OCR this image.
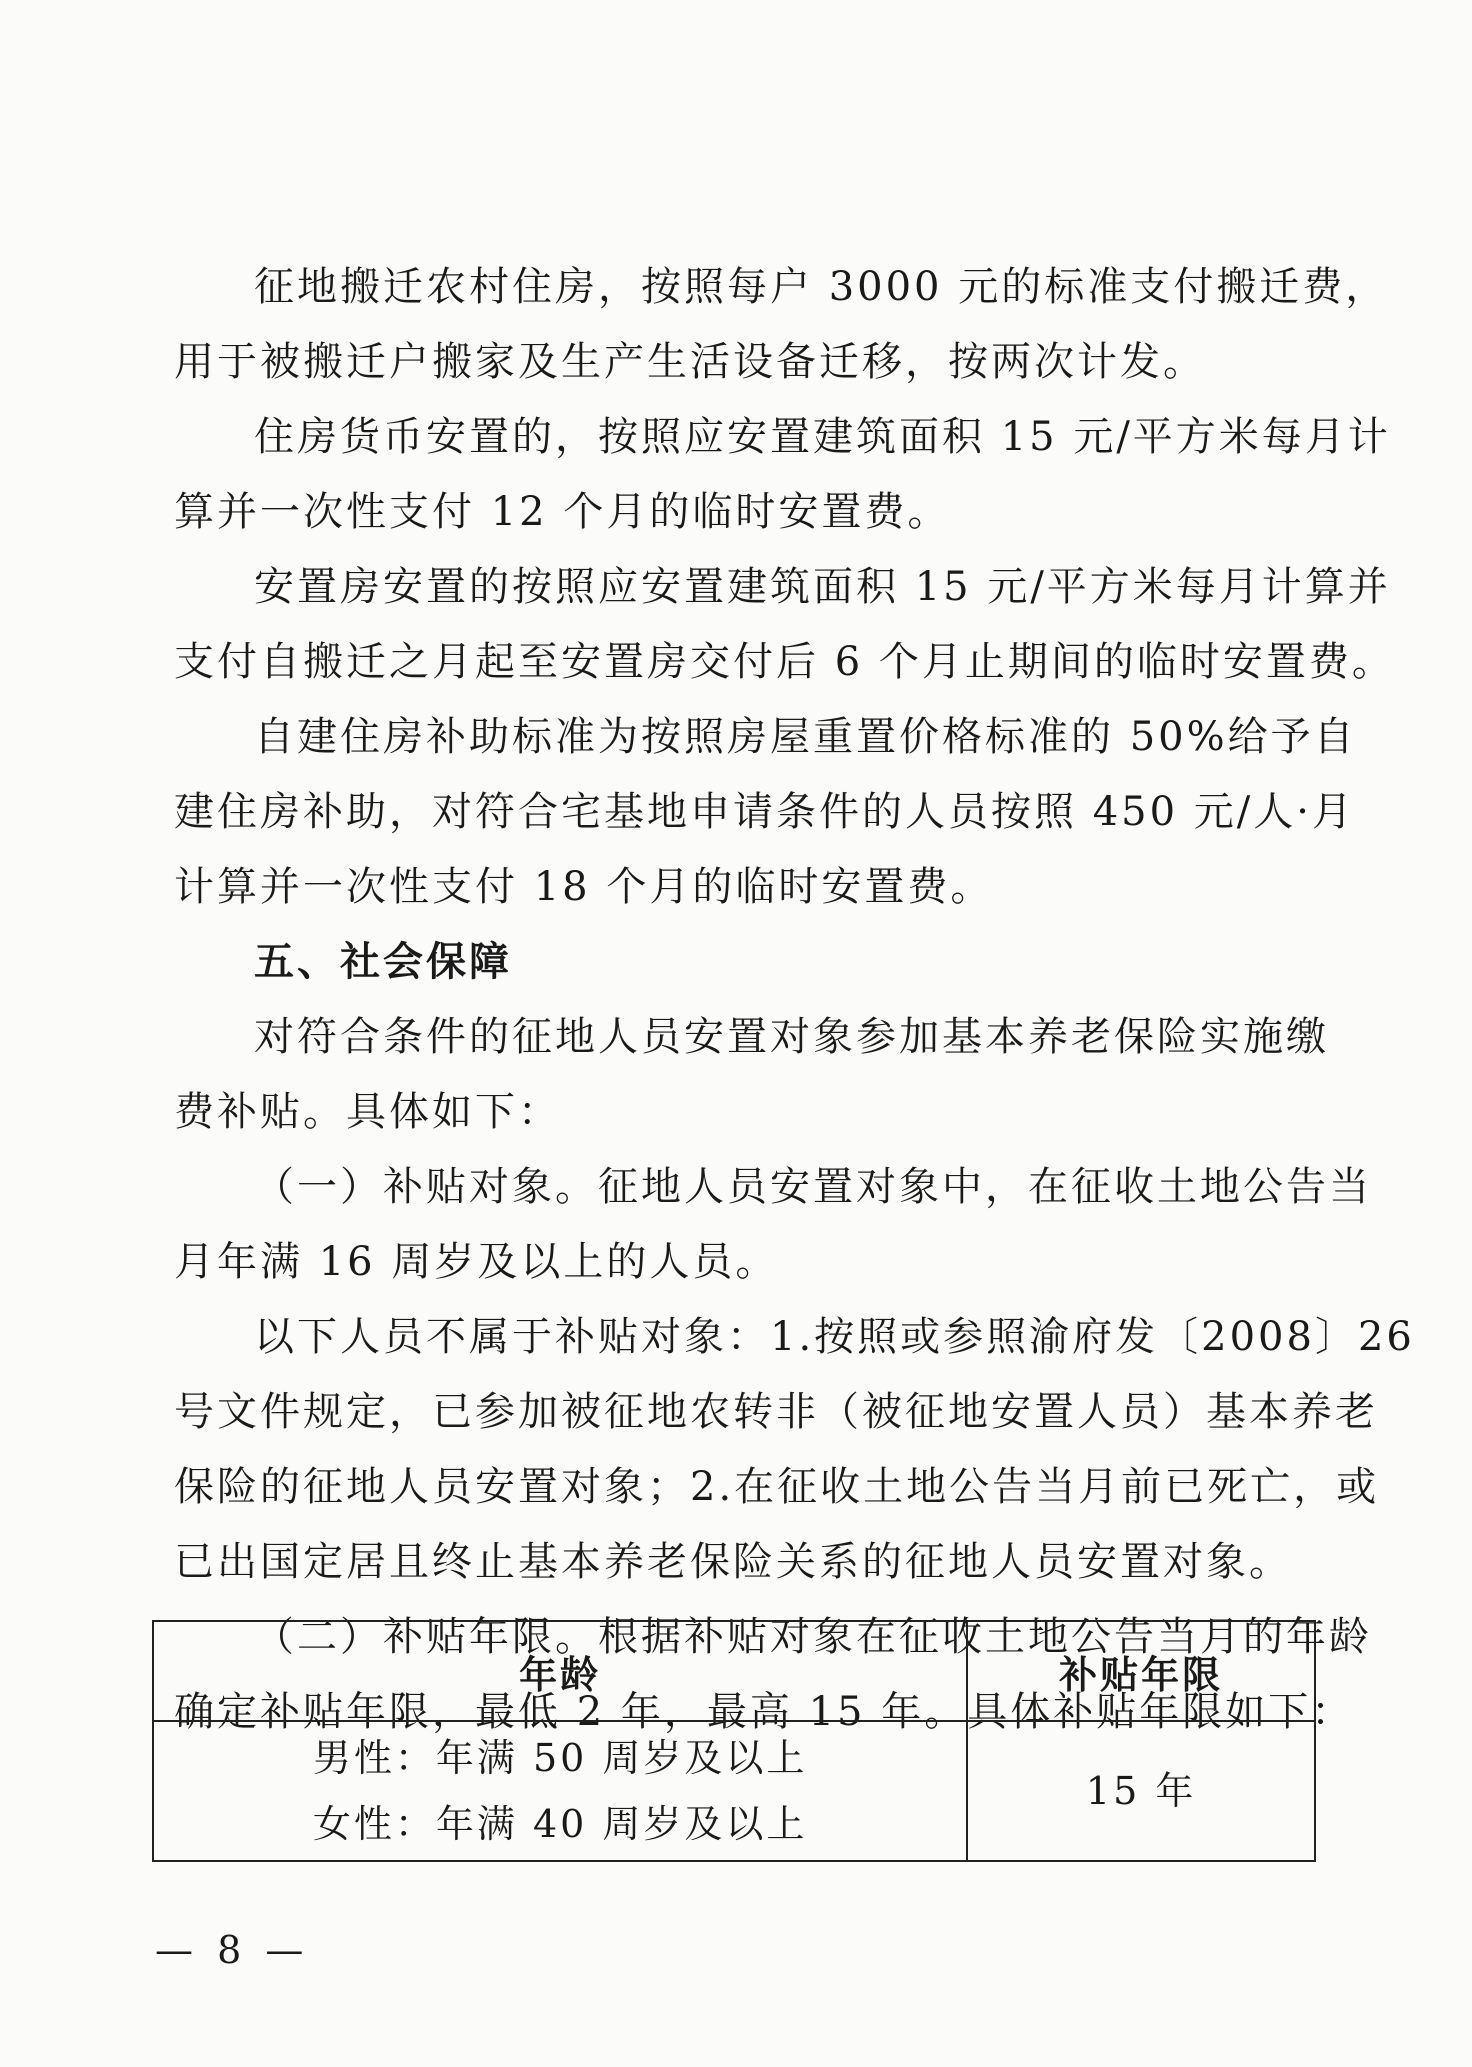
征地搬迁农村住房，按照每户 3000 元的标准支付搬迁费，
用于被搬迁户搬家及生产生活设备迁移，按两次计发。
住房货币安置的，按照应安置建筑面积 15 元/平方米每月计
算并一次性支付 12 个月的临时安置费。
安置房安置的按照应安置建筑面积 15 元/平方米每月计算并
支付自搬迁之月起至安置房交付后 6 个月止期间的临时安置费。
自建住房补助标准为按照房屋重置价格标准的 50%给予自
建住房补助，对符合宅基地申请条件的人员按照 450 元/人·月
计算并一次性支付 18 个月的临时安置费。
五、社会保障
对符合条件的征地人员安置对象参加基本养老保险实施缴
费补贴。具体如下：
（一）补贴对象。征地人员安置对象中，在征收土地公告当
月年满 16 周岁及以上的人员。
以下人员不属于补贴对象：1.按照或参照渝府发〔2008〕26
号文件规定，已参加被征地农转非（被征地安置人员）基本养老
保险的征地人员安置对象；2.在征收土地公告当月前已死亡，或
已出国定居且终止基本养老保险关系的征地人员安置对象。
（二）补贴年限。根据补贴对象在征收土地公告当月的年龄
确定补贴年限，最低 2 年，最高 15 年。具体补贴年限如下：
年龄	补贴年限

男性：年满 50 周岁及以上
女性：年满 40 周岁及以上	15 年
— 8 —
